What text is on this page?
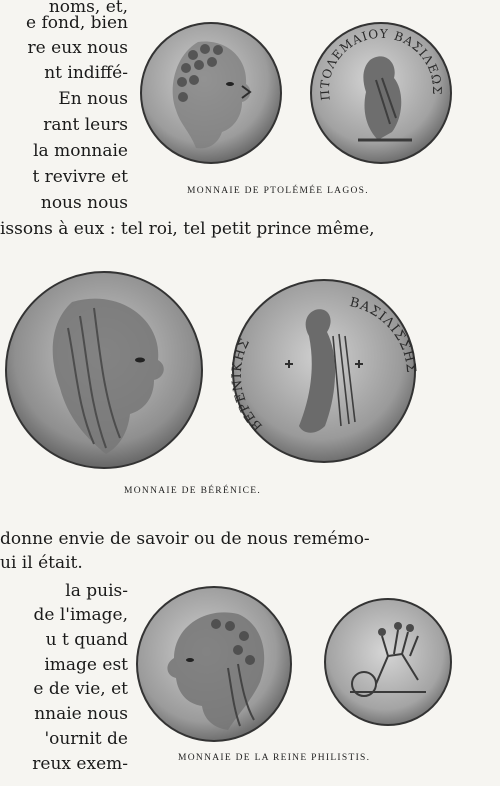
noms, et,
e fond, bien
re eux nous
nt indiffé-
En nous
rant leurs
la monnaie
t revivre et
nous nous
ΠΤΟΛΕΜΑΙΟΥ ΒΑΣΙΛΕΩΣ
MONNAIE DE PTOLÉMÉE LAGOS.
issons à eux : tel roi, tel petit prince même,
ΒΕΡΕΝΙΚΗΣ
ΒΑΣΙΛΙΣΣΗΣ
MONNAIE DE BÉRÉNICE.
donne envie de savoir ou de nous remémo-
ui il était.
la puis-
de l'image,
u t quand
image est
e de vie, et
nnaie nous
'ournit de
reux exem-	MONNAIE DE LA REINE PHILISTIS.
